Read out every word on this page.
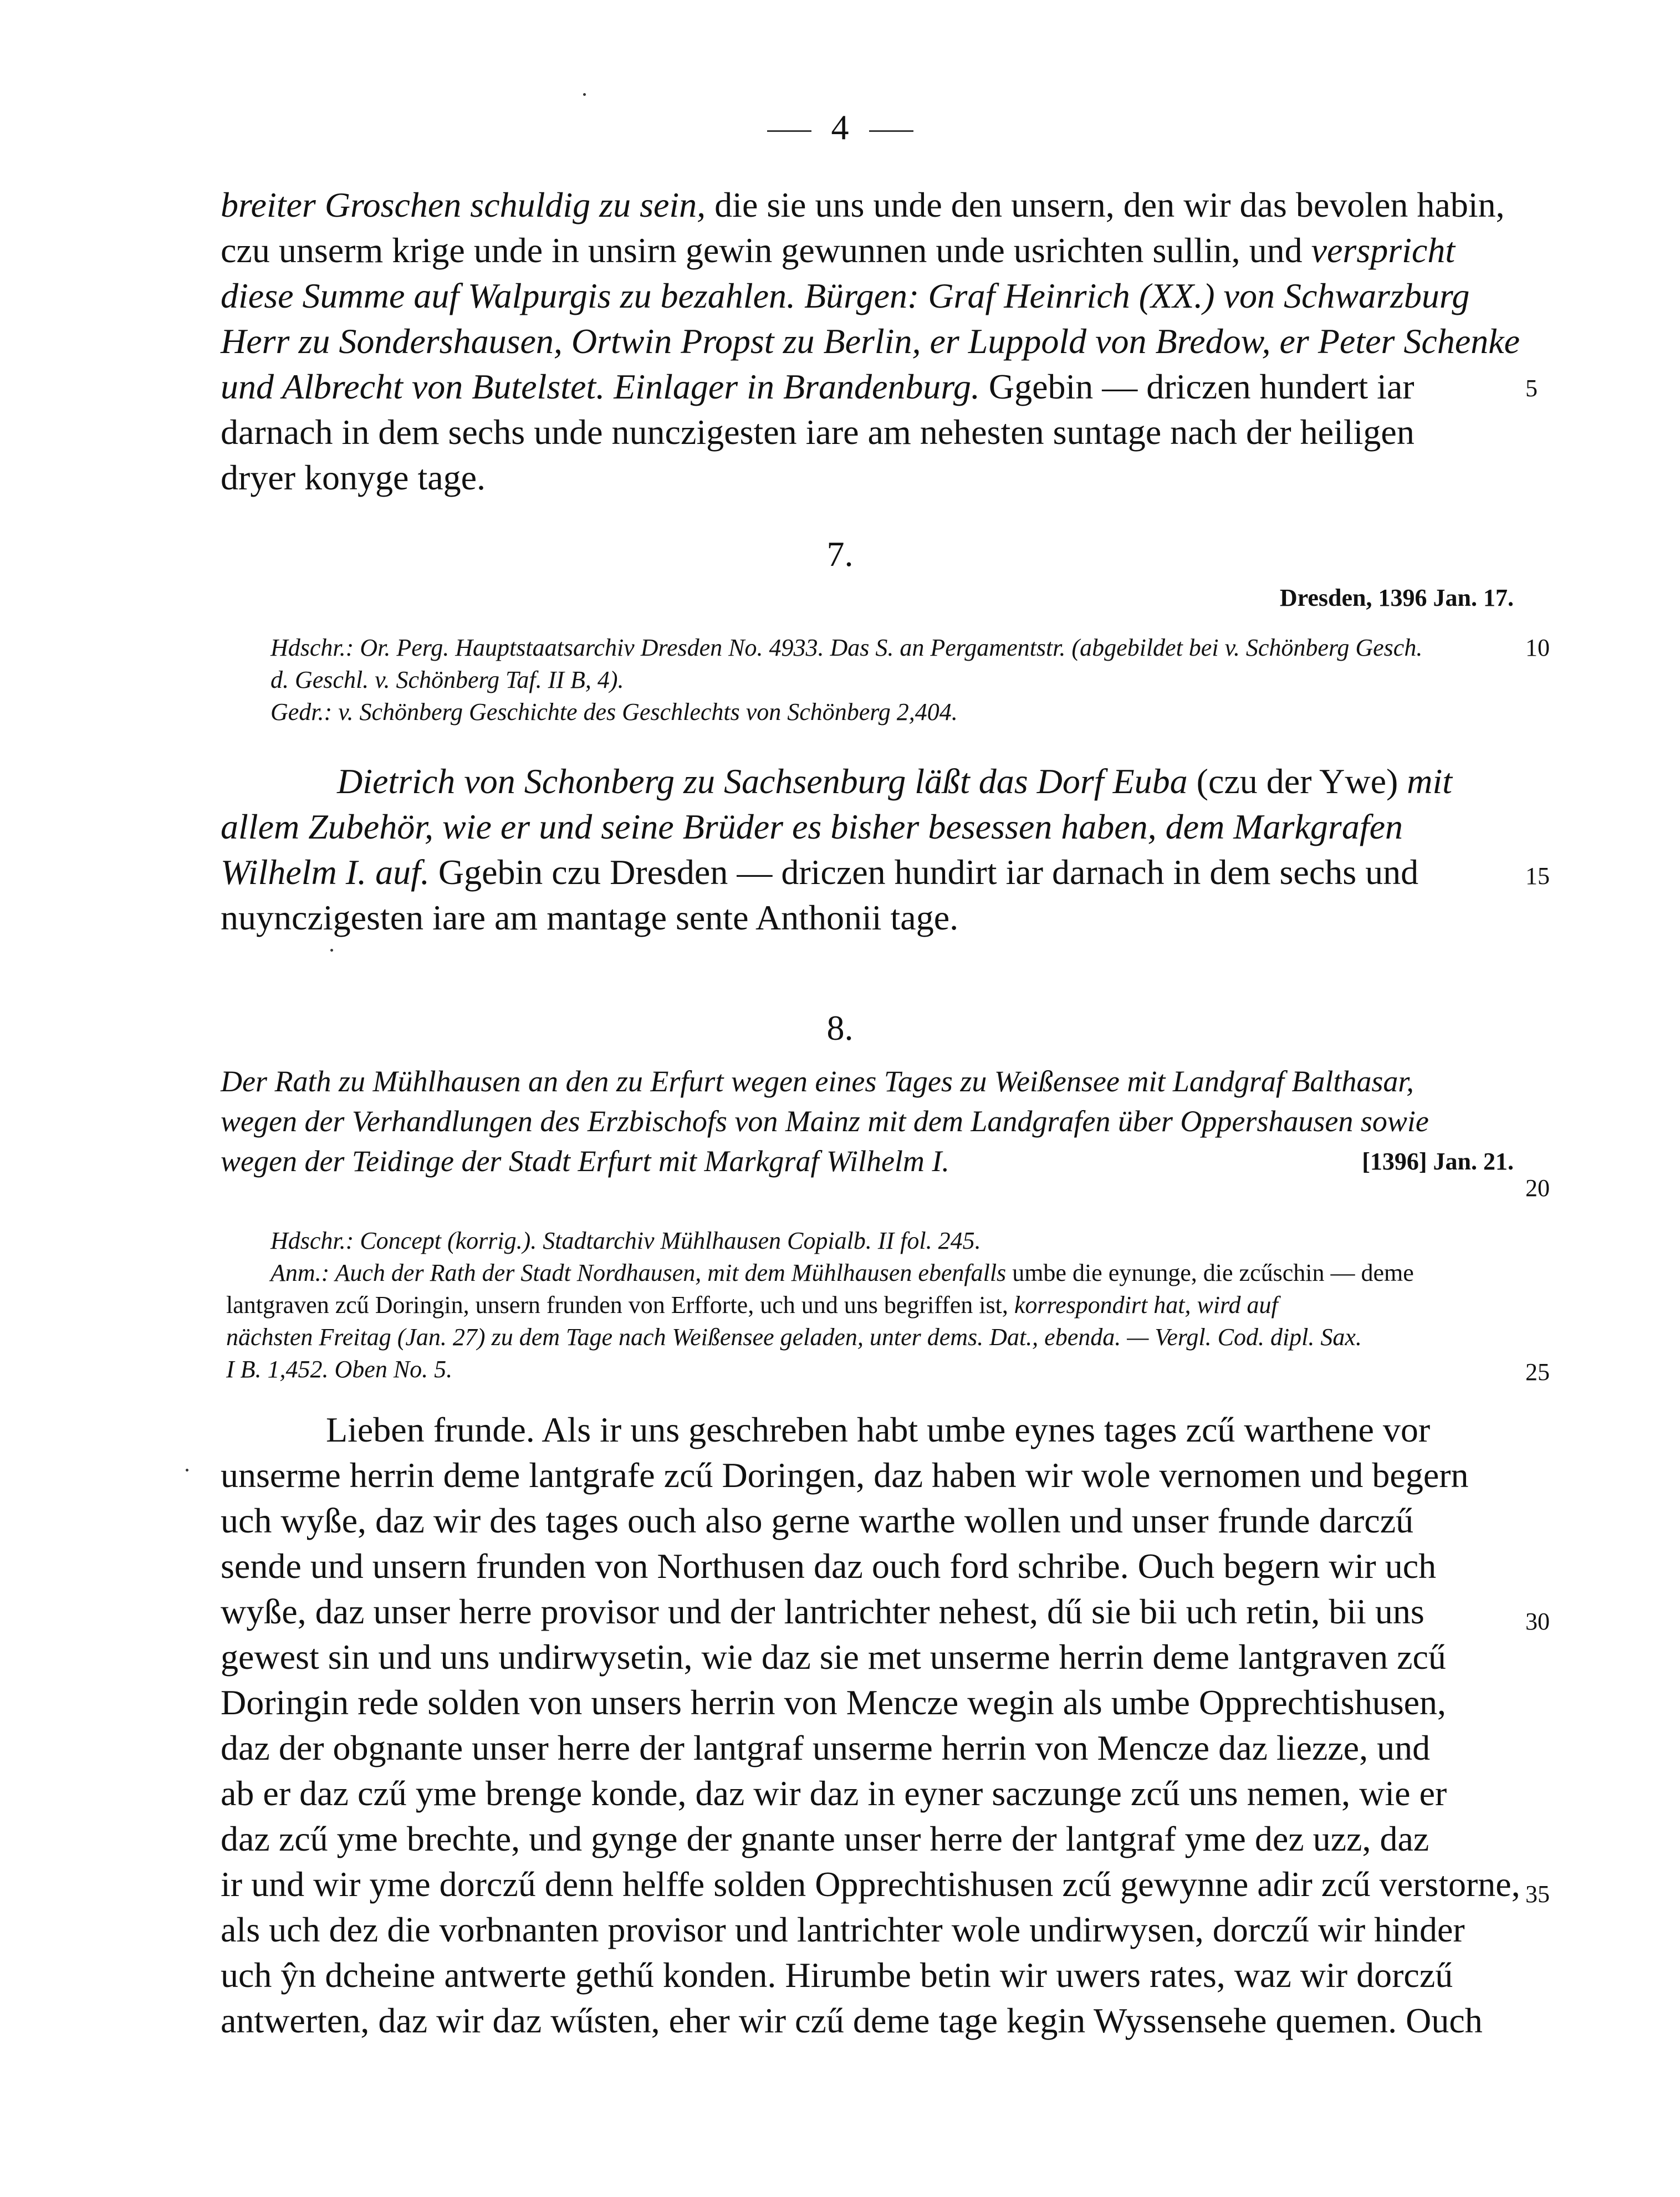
4
breiter Groschen schuldig zu sein, die sie uns unde den unsern, den wir das bevolen habin,
czu unserm krige unde in unsirn gewin gewunnen unde usrichten sullin, und verspricht
diese Summe auf Walpurgis zu bezahlen. Bürgen: Graf Heinrich (XX.) von Schwarzburg
Herr zu Sondershausen, Ortwin Propst zu Berlin, er Luppold von Bredow, er Peter Schenke
und Albrecht von Butelstet. Einlager in Brandenburg. Ggebin — driczen hundert iar
darnach in dem sechs unde nunczigesten iare am nehesten suntage nach der heiligen
dryer konyge tage.
7.
Dresden, 1396 Jan. 17.
Hdschr.: Or. Perg. Hauptstaatsarchiv Dresden No. 4933. Das S. an Pergamentstr. (abgebildet bei v. Schönberg Gesch.
d. Geschl. v. Schönberg Taf. II B, 4).
Gedr.: v. Schönberg Geschichte des Geschlechts von Schönberg 2,404.
Dietrich von Schonberg zu Sachsenburg läßt das Dorf Euba (czu der Ywe) mit
allem Zubehör, wie er und seine Brüder es bisher besessen haben, dem Markgrafen
Wilhelm I. auf. Ggebin czu Dresden — driczen hundirt iar darnach in dem sechs und
nuynczigesten iare am mantage sente Anthonii tage.
8.
Der Rath zu Mühlhausen an den zu Erfurt wegen eines Tages zu Weißensee mit Landgraf Balthasar,
wegen der Verhandlungen des Erzbischofs von Mainz mit dem Landgrafen über Oppershausen sowie
wegen der Teidinge der Stadt Erfurt mit Markgraf Wilhelm I.	[1396] Jan. 21.
Hdschr.: Concept (korrig.). Stadtarchiv Mühlhausen Copialb. II fol. 245.
Anm.: Auch der Rath der Stadt Nordhausen, mit dem Mühlhausen ebenfalls umbe die eynunge, die zcűschin — deme
lantgraven zcű Doringin, unsern frunden von Erfforte, uch und uns begriffen ist, korrespondirt hat, wird auf
nächsten Freitag (Jan. 27) zu dem Tage nach Weißensee geladen, unter dems. Dat., ebenda. — Vergl. Cod. dipl. Sax.
I B. 1,452. Oben No. 5.
Lieben frunde. Als ir uns geschreben habt umbe eynes tages zcű warthene vor
unserme herrin deme lantgrafe zcű Doringen, daz haben wir wole vernomen und begern
uch wyße, daz wir des tages ouch also gerne warthe wollen und unser frunde darczű
sende und unsern frunden von Northusen daz ouch ford schribe. Ouch begern wir uch
wyße, daz unser herre provisor und der lantrichter nehest, dű sie bii uch retin, bii uns
gewest sin und uns undirwysetin, wie daz sie met unserme herrin deme lantgraven zcű
Doringin rede solden von unsers herrin von Mencze wegin als umbe Opprechtishusen,
daz der obgnante unser herre der lantgraf unserme herrin von Mencze daz liezze, und
ab er daz czű yme brenge konde, daz wir daz in eyner saczunge zcű uns nemen, wie er
daz zcű yme brechte, und gynge der gnante unser herre der lantgraf yme dez uzz, daz
ir und wir yme dorczű denn helffe solden Opprechtishusen zcű gewynne adir zcű verstorne,
als uch dez die vorbnanten provisor und lantrichter wole undirwysen, dorczű wir hinder
uch ŷn dcheine antwerte gethű konden. Hirumbe betin wir uwers rates, waz wir dorczű
antwerten, daz wir daz wűsten, eher wir czű deme tage kegin Wyssensehe quemen. Ouch
5
10
15
20
25
30
35
